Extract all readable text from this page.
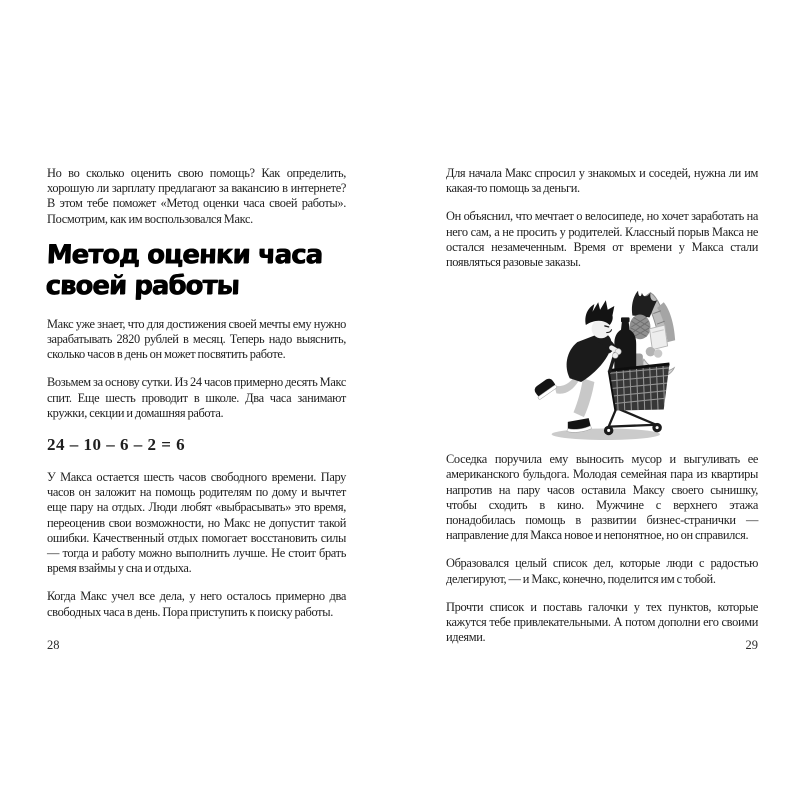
Но во сколько оценить свою помощь? Как определить, хорошую ли зарплату предлагают за вакансию в интернете? В этом тебе поможет «Метод оценки часа своей работы». Посмотрим, как им воспользовался Макс.

Метод оценки часа своей работы

Макс уже знает, что для достижения своей мечты ему нужно зарабатывать 2820 рублей в месяц. Теперь надо выяснить, сколько часов в день он может посвятить работе.

Возьмем за основу сутки. Из 24 часов примерно десять Макс спит. Еще шесть проводит в школе. Два часа занимают кружки, секции и домашняя работа.

24 – 10 – 6 – 2 = 6

У Макса остается шесть часов свободного времени. Пару часов он заложит на помощь родителям по дому и вычтет еще пару на отдых. Люди любят «выбрасывать» это время, переоценив свои возможности, но Макс не допустит такой ошибки. Качественный отдых помогает восстановить силы — тогда и работу можно выполнить лучше. Не стоит брать время взаймы у сна и отдыха.

Когда Макс учел все дела, у него осталось примерно два свободных часа в день. Пора приступить к поиску работы.

Для начала Макс спросил у знакомых и соседей, нужна ли им какая-то помощь за деньги.

Он объяснил, что мечтает о велосипеде, но хочет заработать на него сам, а не просить у родителей. Классный порыв Макса не остался незамеченным. Время от времени у Макса стали появляться разовые заказы.

Соседка поручила ему выносить мусор и выгуливать ее американского бульдога. Молодая семейная пара из квартиры напротив на пару часов оставила Максу своего сынишку, чтобы сходить в кино. Мужчине с верхнего этажа понадобилась помощь в развитии бизнес-странички — направление для Макса новое и непонятное, но он справился.

Образовался целый список дел, которые люди с радостью делегируют, — и Макс, конечно, поделится им с тобой.

Прочти список и поставь галочки у тех пунктов, которые кажутся тебе привлекательными. А потом дополни его своими идеями.

28	29
